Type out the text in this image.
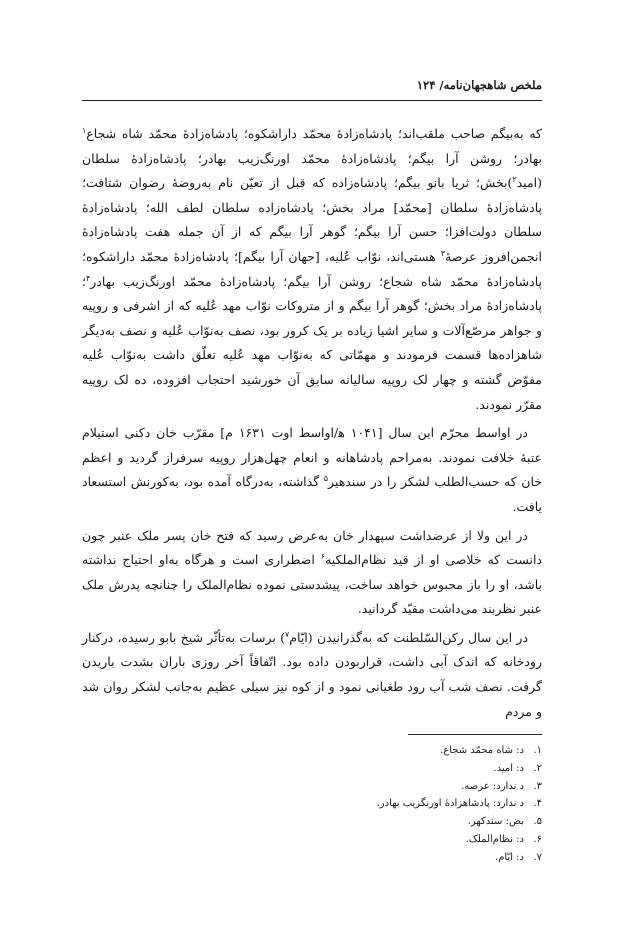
ملخص شاهجهان‌نامه/ ۱۲۴

که به‌بیگم صاحب ملقب‌اند؛ پادشاه‌زادهٔ محمّد داراشکوه؛ پادشاه‌زادهٔ محمّد شاه شجاع$^۱$ بهادر؛ روشن آرا بیگم؛ پادشاه‌زادهٔ محمّد اورنگ‌زیب بهادر؛ پادشاه‌زادهٔ سلطان (امید$^۲$)بخش؛ ثریا بانو بیگم؛ پادشاه‌زاده که قبل از تعیّن نام به‌روضهٔ رضوان شتافت؛ پادشاه‌زادهٔ سلطان [محمّد] مراد بخش؛ پادشاه‌زاده سلطان لطف الله؛ پادشاه‌زادهٔ سلطان دولت‌افزا؛ حسن آرا بیگم؛ گوهر آرا بیگم که از آن جمله هفت پادشاه‌زادهٔ انجمن‌افروز عرصهٔ$^۳$ هستی‌اند، نوّاب عُلیه، [جهان آرا بیگم]؛ پادشاه‌زادهٔ محمّد داراشکوه؛ پادشاه‌زادهٔ محمّد شاه شجاع؛ روشن آرا بیگم؛ پادشاه‌زادهٔ محمّد اورنگ‌زیب بهادر$^۴$؛ پادشاه‌زادهٔ مراد بخش؛ گوهر آرا بیگم و از متروکات نوّاب مهد عُلیه که از اشرفی و روپیه و جواهر مرصّع‌آلات و سایر اشیا زیاده بر یک کرور بود، نصف به‌نوّاب عُلیه و نصف به‌دیگر شاهزاده‌ها قسمت فرمودند و مهمّاتی که به‌نوّاب مهد عُلیه تعلّق داشت به‌نوّاب عُلیه مفوّض گشته و چهار لک روپیه سالیانه سابق آن خورشید احتجاب افزوده، ده لک روپیه مقرّر نمودند.

در اواسط محرّم این سال [۱۰۴۱ ﻫ/اواسط اوت ۱۶۳۱ م] مقرّب خان دکنی استیلام عتبهٔ خلافت نمودند. به‌مراحم پادشاهانه و انعام چهل‌هزار روپیه سرفراز گردید و اعظم خان که حسب‌الطلب لشکر را در سندهیر$^۵$ گذاشته، به‌درگاه آمده بود، به‌کورنش استسعاد یافت.

در این ولا از عرضداشت سپهدار خان به‌عرض رسید که فتح خان پسر ملک عنبر چون دانست که خلاصی او از قید نظام‌الملکیه$^۶$ اضطراری است و هرگاه به‌او احتیاج نداشته باشد، او را باز محبوس خواهد ساخت، پیشدستی نموده نظام‌الملک را چنانچه پدرش ملک عنبر نظربند می‌داشت مقیّد گردانید.

در این سال رکن‌السّلطنت که به‌گذرانیدن (ایّام$^۷$) برسات به‌تأثّر شیخ بابو رسیده، درکنار رودخانه که اندک آبی داشت، قراربودن داده بود. اتّفاقاً آخر روزی باران بشدت باریدن گرفت. نصف شب آب رود طغیانی نمود و از کوه نیز سیلی عظیم به‌جانب لشکر روان شد و مردم

۱.
د: شاه محمّد شجاع.
۲.
د: امید.
۳.
د ندارد: عرصه.
۴.
د ندارد: پادشاهزادهٔ اورنگزیب بهادر.
۵.
بض: سندکهر.
۶.
د: نظام‌الملک.
۷.
د: ایّام.
